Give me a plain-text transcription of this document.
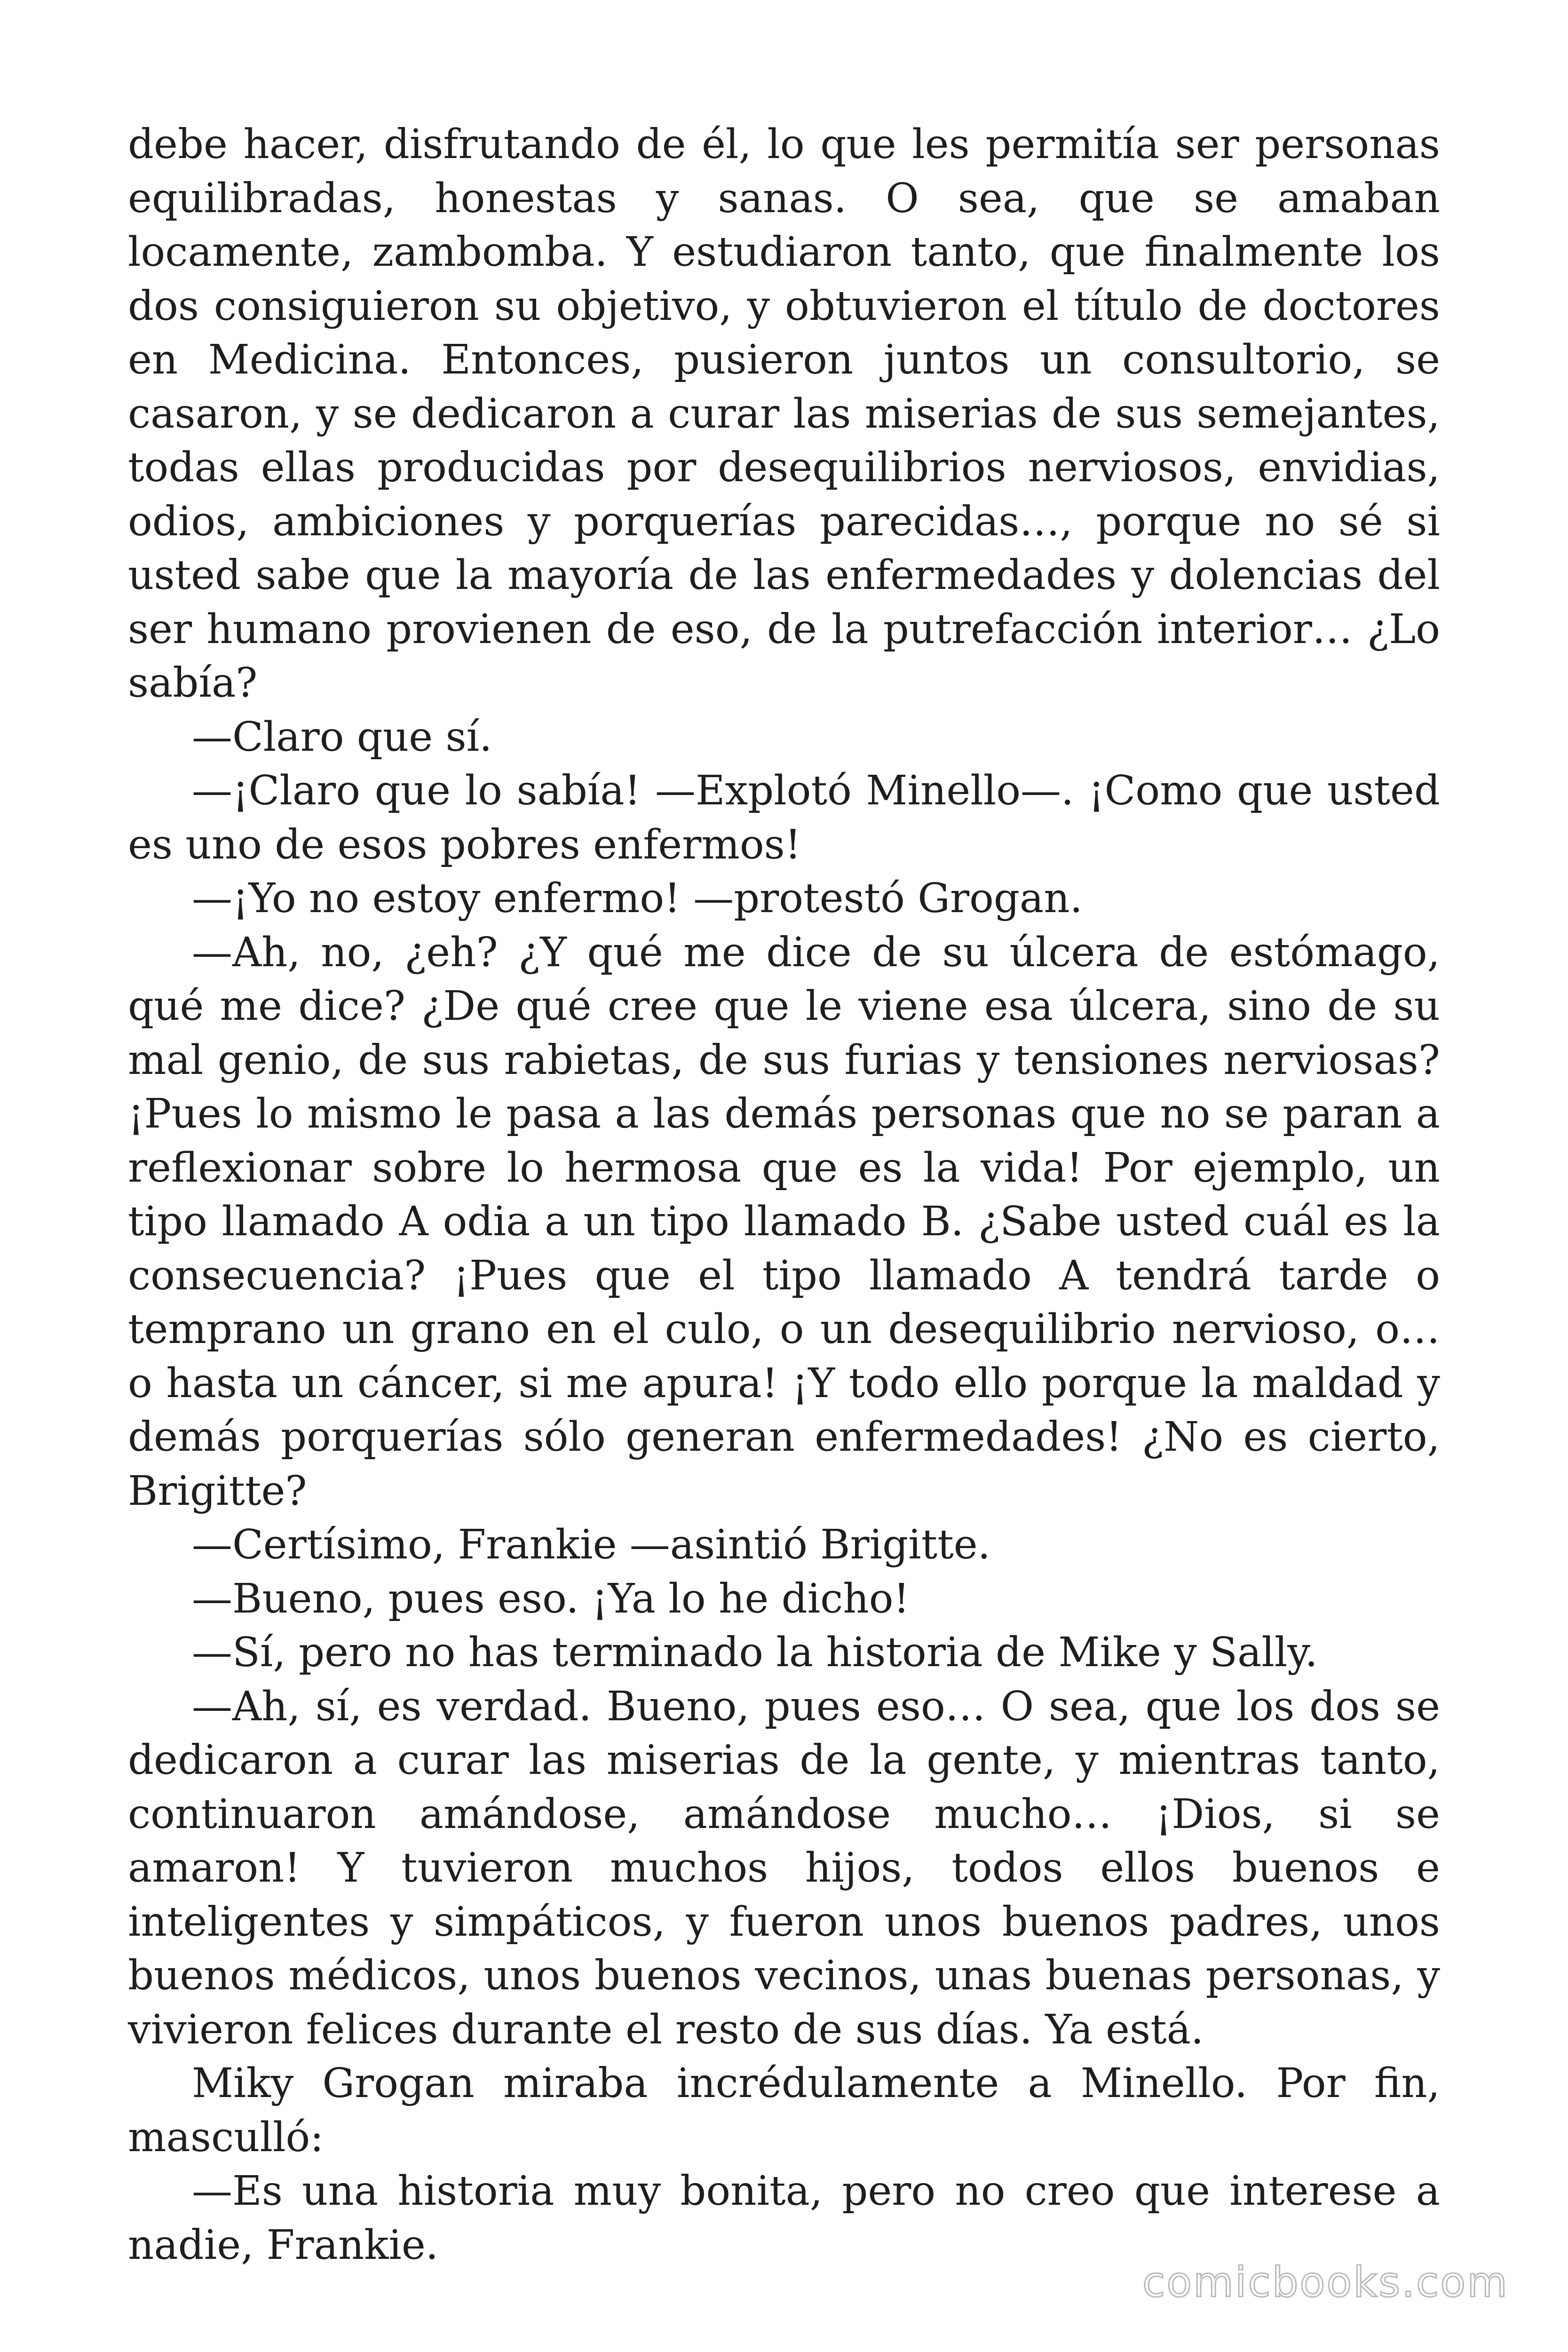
debe hacer, disfrutando de él, lo que les permitía ser personas equilibradas, honestas y sanas. O sea, que se amaban locamente, zambomba. Y estudiaron tanto, que finalmente los dos consiguieron su objetivo, y obtuvieron el título de doctores en Medicina. Entonces, pusieron juntos un consultorio, se casaron, y se dedicaron a curar las miserias de sus semejantes, todas ellas producidas por desequilibrios nerviosos, envidias, odios, ambiciones y porquerías parecidas…, porque no sé si usted sabe que la mayoría de las enfermedades y dolencias del ser humano provienen de eso, de la putrefacción interior… ¿Lo sabía?

—Claro que sí.

—¡Claro que lo sabía! —Explotó Minello—. ¡Como que usted es uno de esos pobres enfermos!

—¡Yo no estoy enfermo! —protestó Grogan.

—Ah, no, ¿eh? ¿Y qué me dice de su úlcera de estómago, qué me dice? ¿De qué cree que le viene esa úlcera, sino de su mal genio, de sus rabietas, de sus furias y tensiones nerviosas? ¡Pues lo mismo le pasa a las demás personas que no se paran a reflexionar sobre lo hermosa que es la vida! Por ejemplo, un tipo llamado A odia a un tipo llamado B. ¿Sabe usted cuál es la consecuencia? ¡Pues que el tipo llamado A tendrá tarde o temprano un grano en el culo, o un desequilibrio nervioso, o… o hasta un cáncer, si me apura! ¡Y todo ello porque la maldad y demás porquerías sólo generan enfermedades! ¿No es cierto, Brigitte?

—Certísimo, Frankie —asintió Brigitte.

—Bueno, pues eso. ¡Ya lo he dicho!

—Sí, pero no has terminado la historia de Mike y Sally.

—Ah, sí, es verdad. Bueno, pues eso… O sea, que los dos se dedicaron a curar las miserias de la gente, y mientras tanto, continuaron amándose, amándose mucho… ¡Dios, si se amaron! Y tuvieron muchos hijos, todos ellos buenos e inteligentes y simpáticos, y fueron unos buenos padres, unos buenos médicos, unos buenos vecinos, unas buenas personas, y vivieron felices durante el resto de sus días. Ya está.

Miky Grogan miraba incrédulamente a Minello. Por fin, masculló:

—Es una historia muy bonita, pero no creo que interese a nadie, Frankie.

comicbooks.com
